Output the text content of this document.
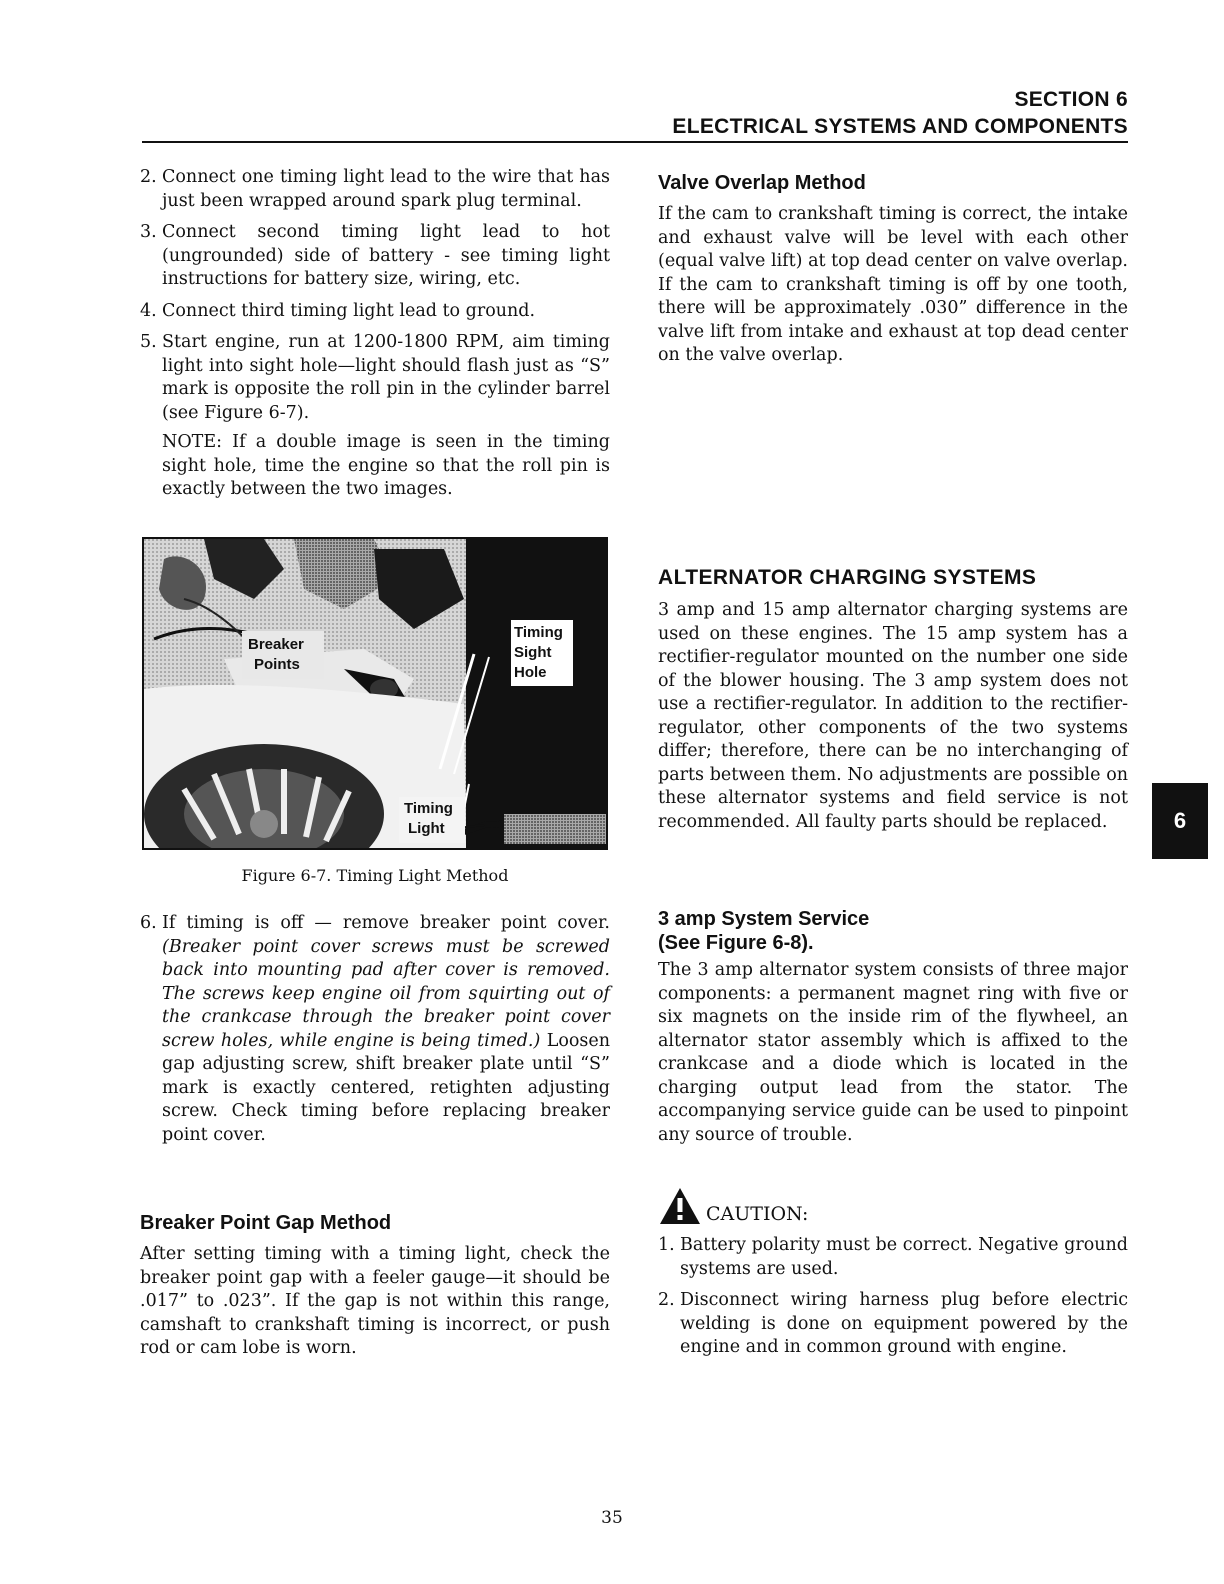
SECTION 6
ELECTRICAL SYSTEMS AND COMPONENTS
2. Connect one timing light lead to the wire that has just been wrapped around spark plug terminal.
3. Connect second timing light lead to hot (ungrounded) side of battery - see timing light instructions for battery size, wiring, etc.
4. Connect third timing light lead to ground.
5. Start engine, run at 1200-1800 RPM, aim timing light into sight hole—light should flash just as “S” mark is opposite the roll pin in the cylinder barrel (see Figure 6-7).

NOTE: If a double image is seen in the timing sight hole, time the engine so that the roll pin is exactly between the two images.

Breaker
Points
Timing
Sight
Hole
Timing
Light
Figure 6-7. Timing Light Method
6. If timing is off — remove breaker point cover. (Breaker point cover screws must be screwed back into mounting pad after cover is removed. The screws keep engine oil from squirting out of the crankcase through the breaker point cover screw holes, while engine is being timed.) Loosen gap adjusting screw, shift breaker plate until “S” mark is exactly centered, retighten adjusting screw. Check timing before replacing breaker point cover.
Breaker Point Gap Method

After setting timing with a timing light, check the breaker point gap with a feeler gauge—it should be .017” to .023”. If the gap is not within this range, camshaft to crankshaft timing is incorrect, or push rod or cam lobe is worn.

Valve Overlap Method

If the cam to crankshaft timing is correct, the intake and exhaust valve will be level with each other (equal valve lift) at top dead center on valve overlap. If the cam to crankshaft timing is off by one tooth, there will be approximately .030” difference in the valve lift from intake and exhaust at top dead center on the valve overlap.

ALTERNATOR CHARGING SYSTEMS

3 amp and 15 amp alternator charging systems are used on these engines. The 15 amp system has a rectifier-regulator mounted on the number one side of the blower housing. The 3 amp system does not use a rectifier-regulator. In addition to the rectifier-regulator, other components of the two systems differ; therefore, there can be no interchanging of parts between them. No adjustments are possible on these alternator systems and field service is not recommended. All faulty parts should be replaced.

3 amp System Service
(See Figure 6-8).

The 3 amp alternator system consists of three major components: a permanent magnet ring with five or six magnets on the inside rim of the flywheel, an alternator stator assembly which is affixed to the crankcase and a diode which is located in the charging output lead from the stator. The accompanying service guide can be used to pinpoint any source of trouble.

CAUTION:
1. Battery polarity must be correct. Negative ground systems are used.
2. Disconnect wiring harness plug before electric welding is done on equipment powered by the engine and in common ground with engine.
6
35
